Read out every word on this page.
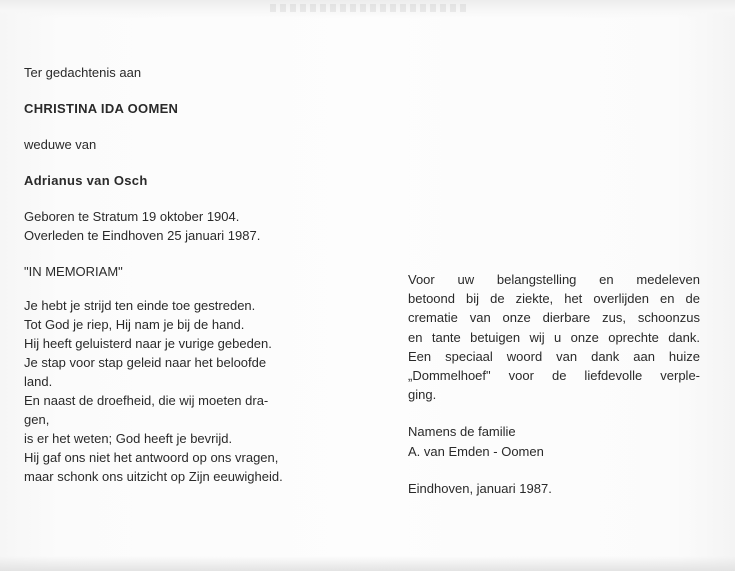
Ter gedachtenis aan

CHRISTINA IDA OOMEN

weduwe van

Adrianus van Osch

Geboren te Stratum 19 oktober 1904.

Overleden te Eindhoven 25 januari 1987.

"IN MEMORIAM"

Je hebt je strijd ten einde toe gestreden.

Tot God je riep, Hij nam je bij de hand.

Hij heeft geluisterd naar je vurige gebeden.

Je stap voor stap geleid naar het beloofde

land.

En naast de droefheid, die wij moeten dra-

gen,

is er het weten; God heeft je bevrijd.

Hij gaf ons niet het antwoord op ons vragen,

maar schonk ons uitzicht op Zijn eeuwigheid.

Voor uw belangstelling en medeleven

betoond bij de ziekte, het overlijden en de

crematie van onze dierbare zus, schoonzus

en tante betuigen wij u onze oprechte dank.

Een speciaal woord van dank aan huize

„Dommelhoef" voor de liefdevolle verple-

ging.

Namens de familie

A. van Emden - Oomen

Eindhoven, januari 1987.
